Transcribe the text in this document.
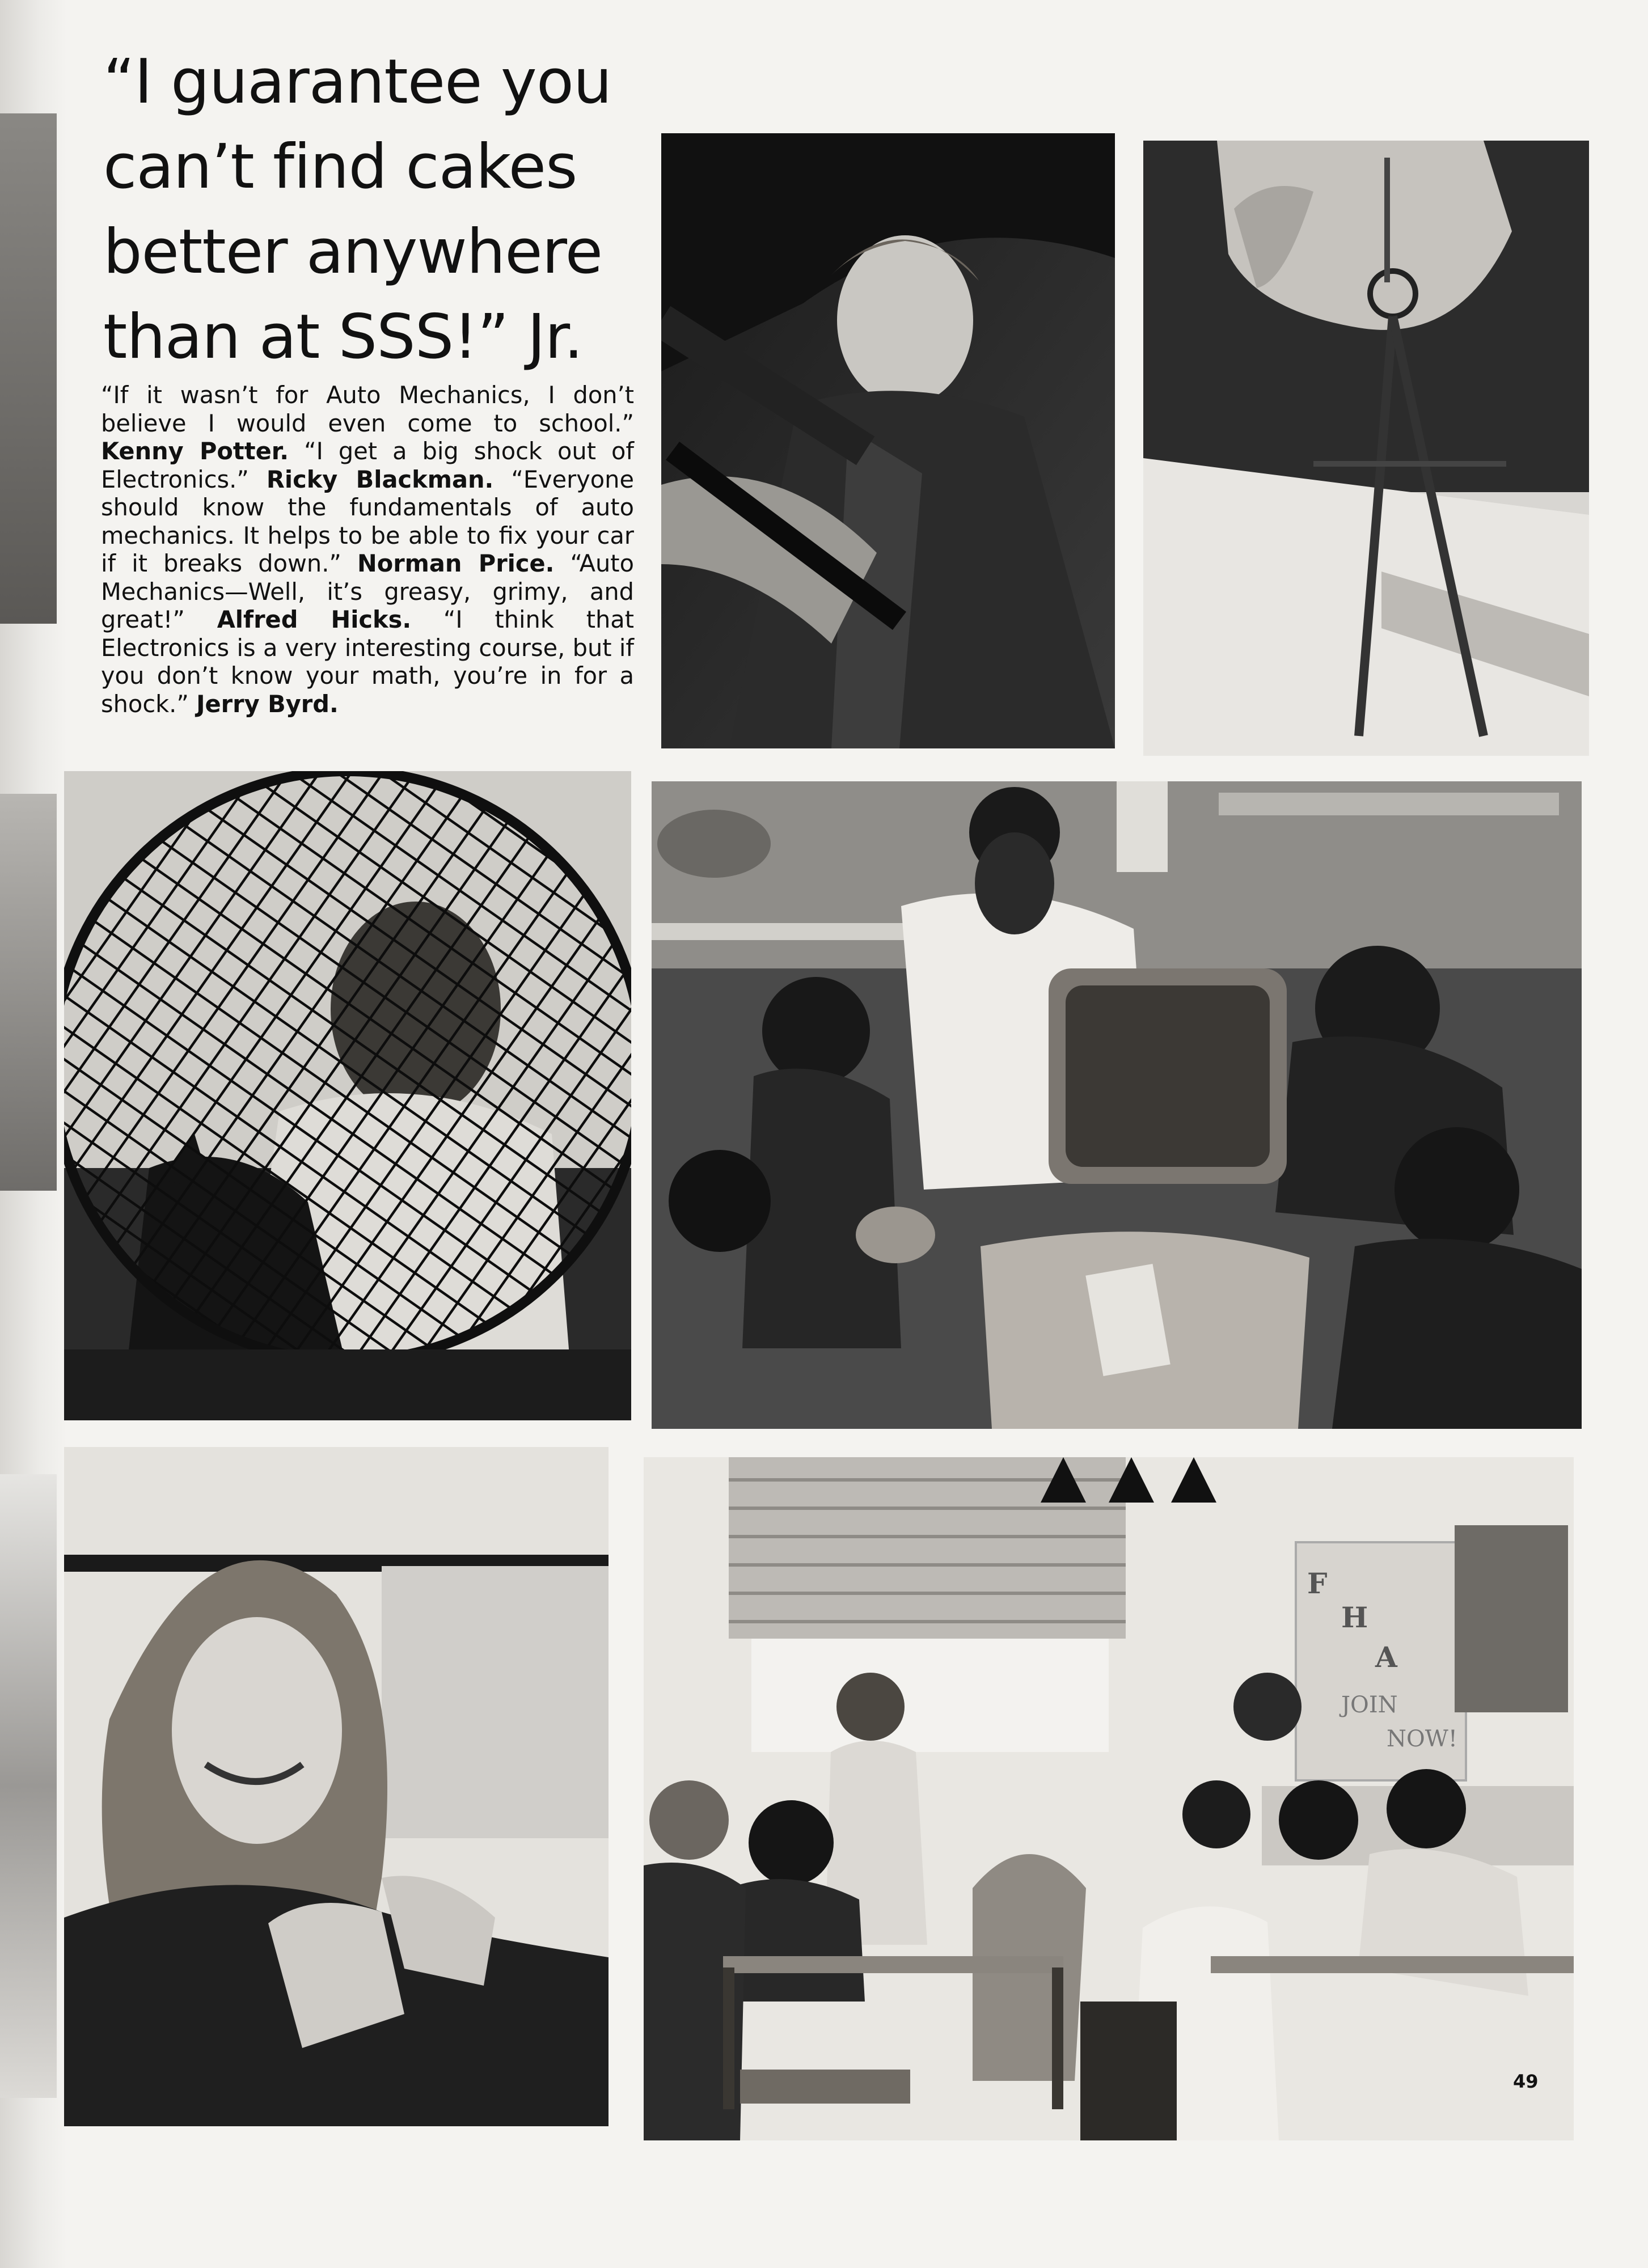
“I guarantee you
can’t find cakes
better anywhere
than at SSS!” Jr.
“If it wasn’t for Auto Mechanics, I don’t believe I would even come to school.” Kenny Potter. “I get a big shock out of Electronics.” Ricky Blackman. “Everyone should know the fundamentals of auto mechanics. It helps to be able to fix your car if it breaks down.” Norman Price. “Auto Mechanics—Well, it’s greasy, grimy, and great!” Alfred Hicks. “I think that Electronics is a very interesting course, but if you don’t know your math, you’re in for a shock.” Jerry Byrd.
F
H
A
JOIN
NOW!
49
